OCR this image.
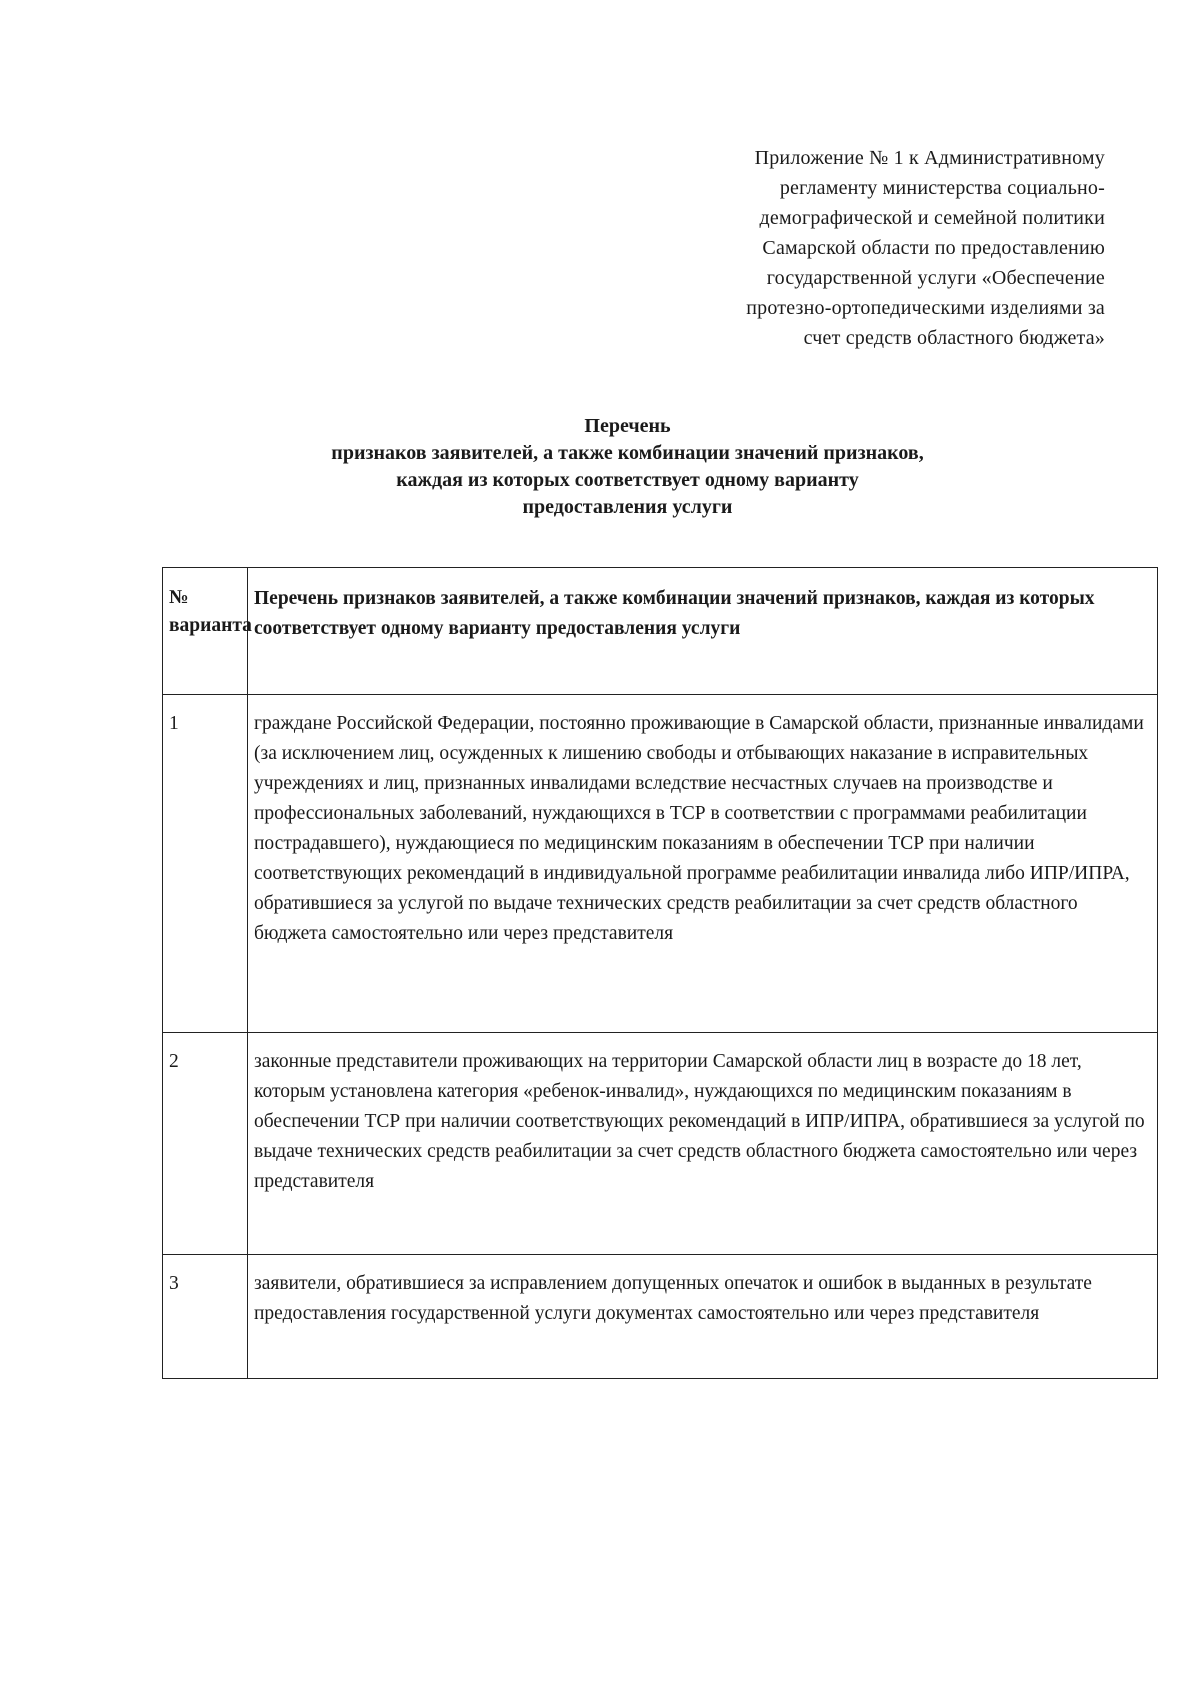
Приложение № 1 к Административному
регламенту министерства социально-
демографической и семейной политики
Самарской области по предоставлению
государственной услуги «Обеспечение
протезно-ортопедическими изделиями за
счет средств областного бюджета»
Перечень
признаков заявителей, а также комбинации значений признаков,
каждая из которых соответствует одному варианту
предоставления услуги
№ варианта	Перечень признаков заявителей, а также комбинации значений признаков, каждая из которых соответствует одному варианту предоставления услуги
1	граждане Российской Федерации, постоянно проживающие в Самарской области, признанные инвалидами (за исключением лиц, осужденных к лишению свободы и отбывающих наказание в исправительных учреждениях и лиц, признанных инвалидами вследствие несчастных случаев на производстве и профессиональных заболеваний, нуждающихся в ТСР в соответствии с программами реабилитации пострадавшего), нуждающиеся по медицинским показаниям в обеспечении ТСР при наличии соответствующих рекомендаций в индивидуальной программе реабилитации инвалида либо ИПР/ИПРА, обратившиеся за услугой по выдаче технических средств реабилитации за счет средств областного бюджета самостоятельно или через представителя
2	законные представители проживающих на территории Самарской области лиц в возрасте до 18 лет, которым установлена категория «ребенок-инвалид», нуждающихся по медицинским показаниям в обеспечении ТСР при наличии соответствующих рекомендаций в ИПР/ИПРА, обратившиеся за услугой по выдаче технических средств реабилитации за счет средств областного бюджета самостоятельно или через представителя
3	заявители, обратившиеся за исправлением допущенных опечаток и ошибок в выданных в результате предоставления государственной услуги документах самостоятельно или через представителя
